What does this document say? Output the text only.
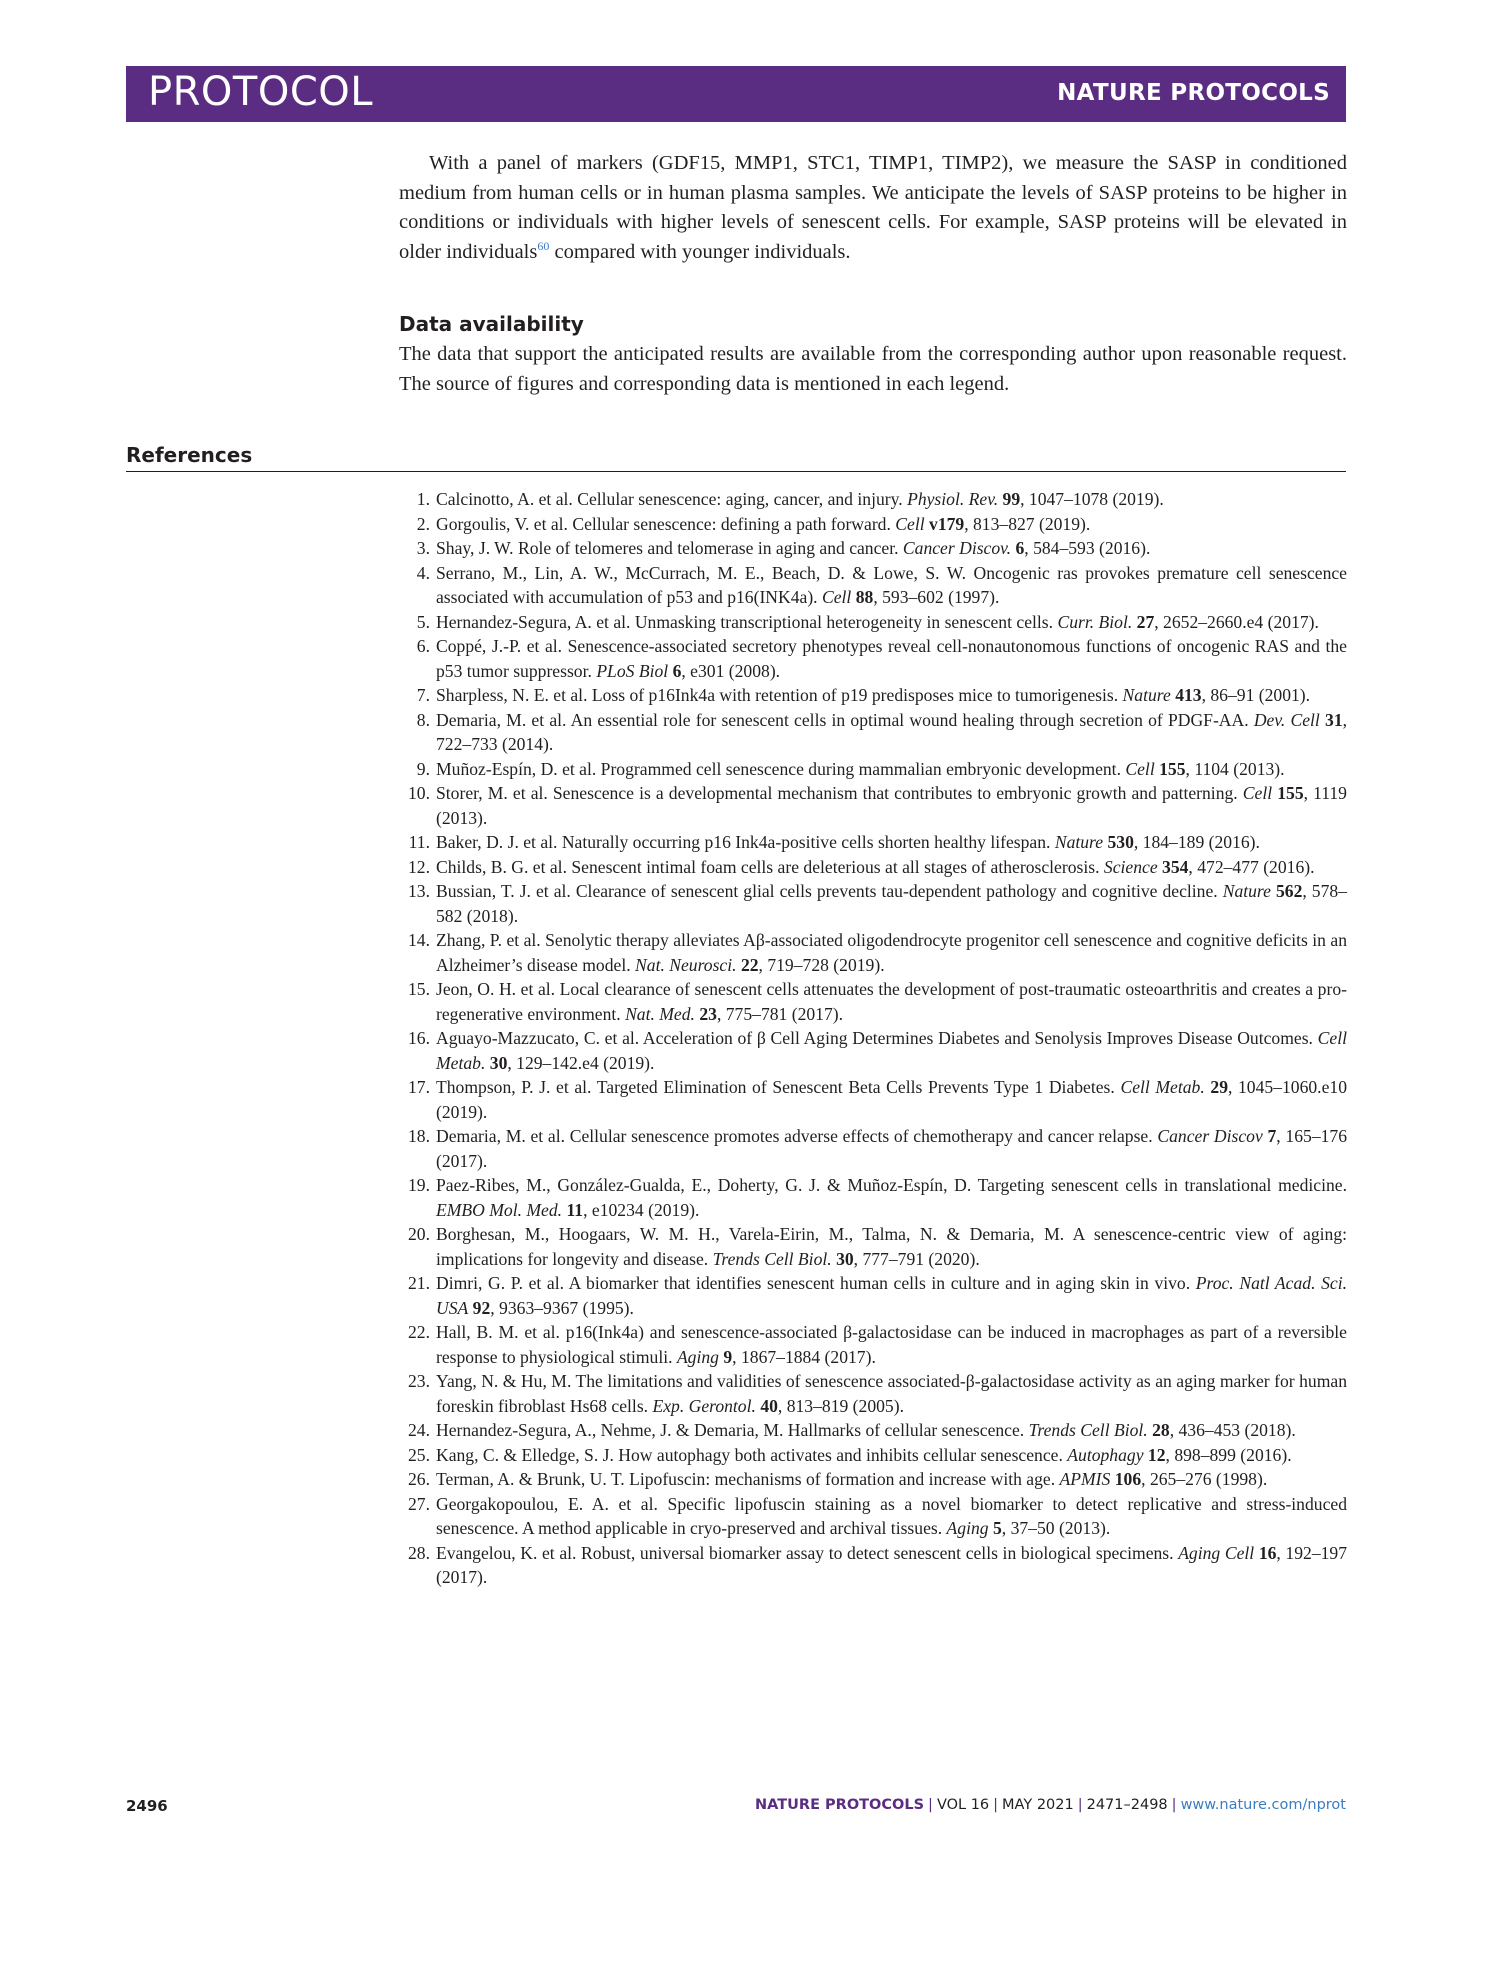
PROTOCOL	NATURE PROTOCOLS

With a panel of markers (GDF15, MMP1, STC1, TIMP1, TIMP2), we measure the SASP in conditioned medium from human cells or in human plasma samples. We anticipate the levels of SASP proteins to be higher in conditions or individuals with higher levels of senescent cells. For example, SASP proteins will be elevated in older individuals$^{60}$ compared with younger individuals.

Data availability

The data that support the anticipated results are available from the corresponding author upon reasonable request. The source of figures and corresponding data is mentioned in each legend.

References
1. Calcinotto, A. et al. Cellular senescence: aging, cancer, and injury. Physiol. Rev. 99, 1047–1078 (2019).
2. Gorgoulis, V. et al. Cellular senescence: defining a path forward. Cell v179, 813–827 (2019).
3. Shay, J. W. Role of telomeres and telomerase in aging and cancer. Cancer Discov. 6, 584–593 (2016).
4. Serrano, M., Lin, A. W., McCurrach, M. E., Beach, D. & Lowe, S. W. Oncogenic ras provokes premature cell senescence associated with accumulation of p53 and p16(INK4a). Cell 88, 593–602 (1997).
5. Hernandez-Segura, A. et al. Unmasking transcriptional heterogeneity in senescent cells. Curr. Biol. 27, 2652–2660.e4 (2017).
6. Coppé, J.-P. et al. Senescence-associated secretory phenotypes reveal cell-nonautonomous functions of oncogenic RAS and the p53 tumor suppressor. PLoS Biol 6, e301 (2008).
7. Sharpless, N. E. et al. Loss of p16Ink4a with retention of p19 predisposes mice to tumorigenesis. Nature 413, 86–91 (2001).
8. Demaria, M. et al. An essential role for senescent cells in optimal wound healing through secretion of PDGF-AA. Dev. Cell 31, 722–733 (2014).
9. Muñoz-Espín, D. et al. Programmed cell senescence during mammalian embryonic development. Cell 155, 1104 (2013).
10. Storer, M. et al. Senescence is a developmental mechanism that contributes to embryonic growth and patterning. Cell 155, 1119 (2013).
11. Baker, D. J. et al. Naturally occurring p16 Ink4a-positive cells shorten healthy lifespan. Nature 530, 184–189 (2016).
12. Childs, B. G. et al. Senescent intimal foam cells are deleterious at all stages of atherosclerosis. Science 354, 472–477 (2016).
13. Bussian, T. J. et al. Clearance of senescent glial cells prevents tau-dependent pathology and cognitive decline. Nature 562, 578–582 (2018).
14. Zhang, P. et al. Senolytic therapy alleviates Aβ-associated oligodendrocyte progenitor cell senescence and cognitive deficits in an Alzheimer’s disease model. Nat. Neurosci. 22, 719–728 (2019).
15. Jeon, O. H. et al. Local clearance of senescent cells attenuates the development of post-traumatic osteoarthritis and creates a pro-regenerative environment. Nat. Med. 23, 775–781 (2017).
16. Aguayo-Mazzucato, C. et al. Acceleration of β Cell Aging Determines Diabetes and Senolysis Improves Disease Outcomes. Cell Metab. 30, 129–142.e4 (2019).
17. Thompson, P. J. et al. Targeted Elimination of Senescent Beta Cells Prevents Type 1 Diabetes. Cell Metab. 29, 1045–1060.e10 (2019).
18. Demaria, M. et al. Cellular senescence promotes adverse effects of chemotherapy and cancer relapse. Cancer Discov 7, 165–176 (2017).
19. Paez-Ribes, M., González-Gualda, E., Doherty, G. J. & Muñoz-Espín, D. Targeting senescent cells in translational medicine. EMBO Mol. Med. 11, e10234 (2019).
20. Borghesan, M., Hoogaars, W. M. H., Varela-Eirin, M., Talma, N. & Demaria, M. A senescence-centric view of aging: implications for longevity and disease. Trends Cell Biol. 30, 777–791 (2020).
21. Dimri, G. P. et al. A biomarker that identifies senescent human cells in culture and in aging skin in vivo. Proc. Natl Acad. Sci. USA 92, 9363–9367 (1995).
22. Hall, B. M. et al. p16(Ink4a) and senescence-associated β-galactosidase can be induced in macrophages as part of a reversible response to physiological stimuli. Aging 9, 1867–1884 (2017).
23. Yang, N. & Hu, M. The limitations and validities of senescence associated-β-galactosidase activity as an aging marker for human foreskin fibroblast Hs68 cells. Exp. Gerontol. 40, 813–819 (2005).
24. Hernandez-Segura, A., Nehme, J. & Demaria, M. Hallmarks of cellular senescence. Trends Cell Biol. 28, 436–453 (2018).
25. Kang, C. & Elledge, S. J. How autophagy both activates and inhibits cellular senescence. Autophagy 12, 898–899 (2016).
26. Terman, A. & Brunk, U. T. Lipofuscin: mechanisms of formation and increase with age. APMIS 106, 265–276 (1998).
27. Georgakopoulou, E. A. et al. Specific lipofuscin staining as a novel biomarker to detect replicative and stress-induced senescence. A method applicable in cryo-preserved and archival tissues. Aging 5, 37–50 (2013).
28. Evangelou, K. et al. Robust, universal biomarker assay to detect senescent cells in biological specimens. Aging Cell 16, 192–197 (2017).
2496	NATURE PROTOCOLS | VOL 16 | MAY 2021 | 2471–2498 | www.nature.com/nprot
